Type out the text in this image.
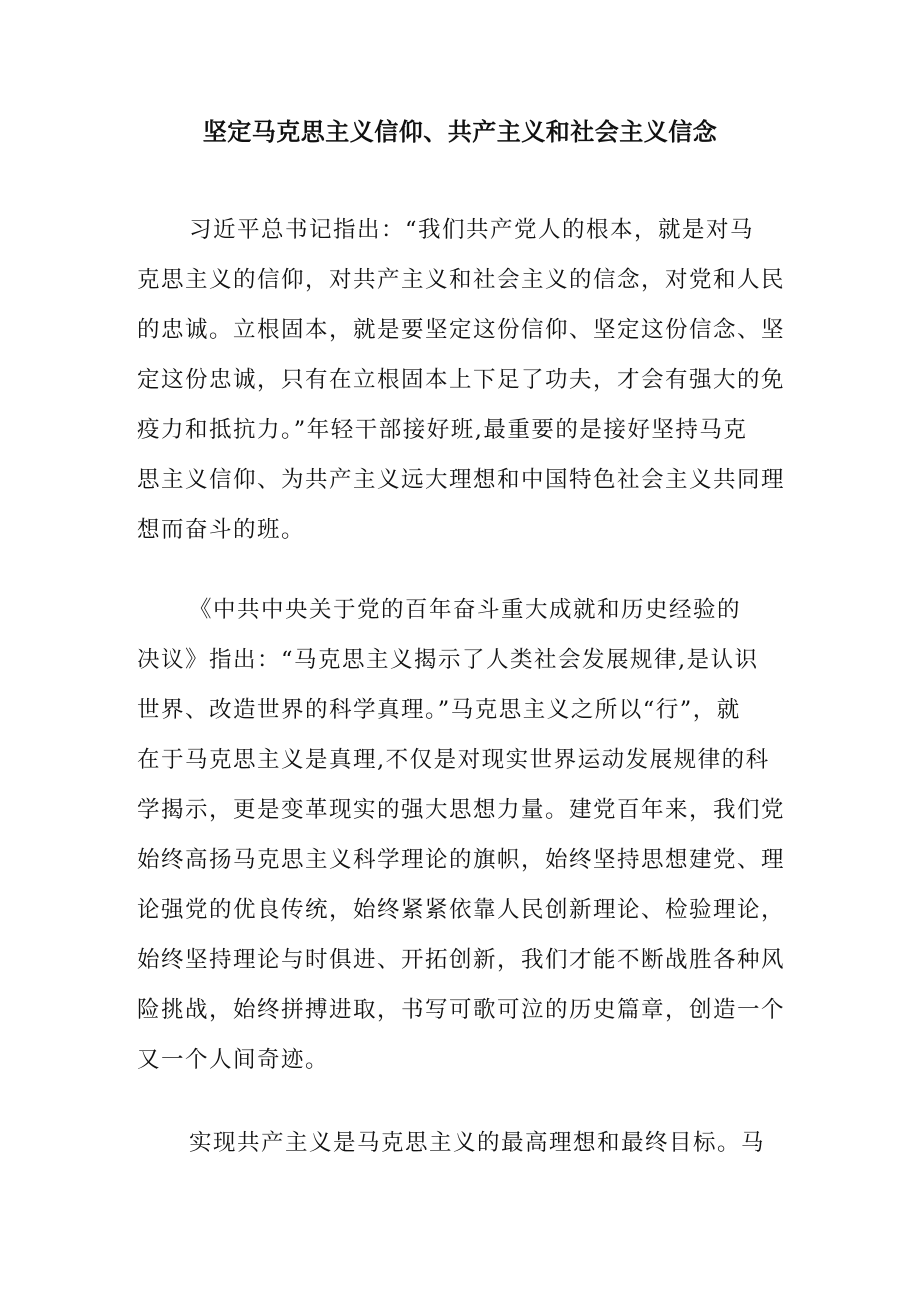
坚定马克思主义信仰、共产主义和社会主义信念
习近平总书记指出：“我们共产党人的根本，就是对马
克思主义的信仰，对共产主义和社会主义的信念，对党和人民
的忠诚。立根固本，就是要坚定这份信仰、坚定这份信念、坚
定这份忠诚，只有在立根固本上下足了功夫，才会有强大的免
疫力和抵抗力。”年轻干部接好班,最重要的是接好坚持马克
思主义信仰、为共产主义远大理想和中国特色社会主义共同理
想而奋斗的班。
《中共中央关于党的百年奋斗重大成就和历史经验的
决议》指出：“马克思主义揭示了人类社会发展规律,是认识
世界、改造世界的科学真理。”马克思主义之所以“行”，就
在于马克思主义是真理,不仅是对现实世界运动发展规律的科
学揭示，更是变革现实的强大思想力量。建党百年来，我们党
始终高扬马克思主义科学理论的旗帜，始终坚持思想建党、理
论强党的优良传统，始终紧紧依靠人民创新理论、检验理论，
始终坚持理论与时俱进、开拓创新，我们才能不断战胜各种风
险挑战，始终拼搏进取，书写可歌可泣的历史篇章，创造一个
又一个人间奇迹。
实现共产主义是马克思主义的最高理想和最终目标。马
